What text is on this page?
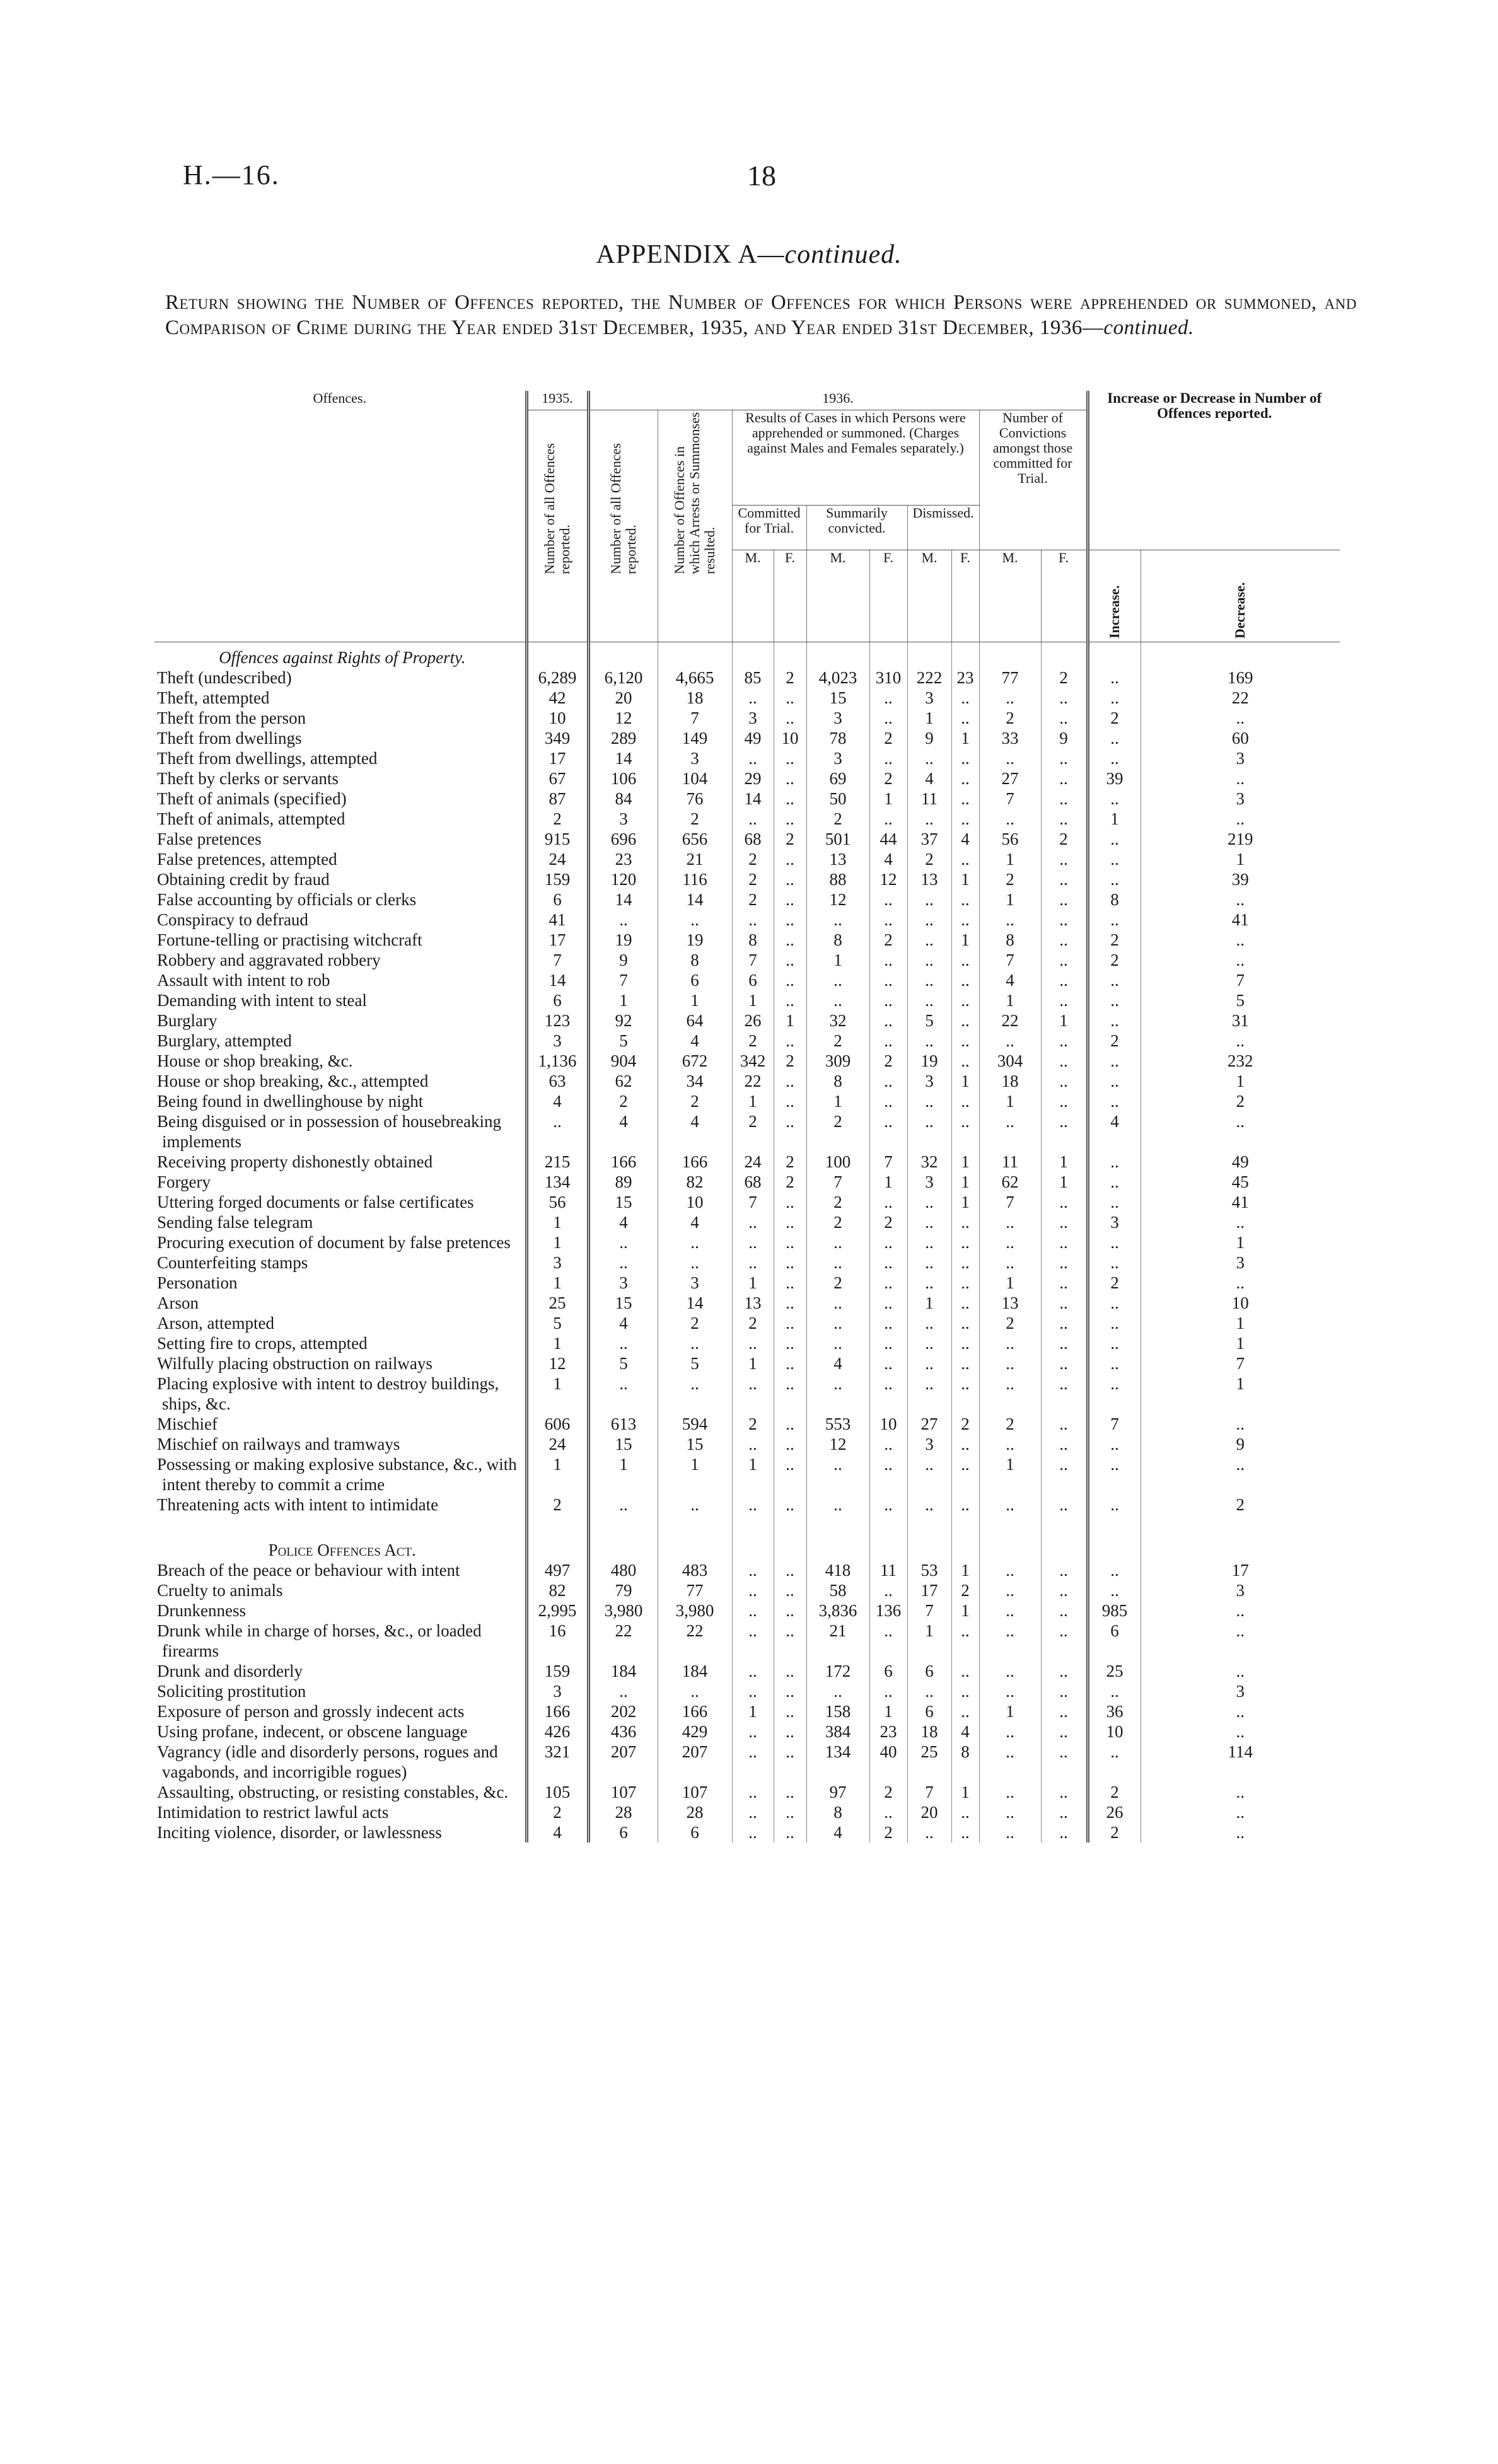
H.—16.	18
APPENDIX A—continued.
Return showing the Number of Offences reported, the Number of Offences for which Persons were apprehended or summoned, and Comparison of Crime during the Year ended 31st December, 1935, and Year ended 31st December, 1936—continued.
Offences.	1935.	1936.										Increase or Decrease in Number of Offences reported.		
	Number of all Offences reported.	Number of all Offences reported.	Number of Offences in which Arrests or Summonses resulted.	Results of Cases in which Persons were apprehended or summoned. (Charges against Males and Females separately.)						Number of Convictions amongst those committed for Trial.				
				Committed for Trial.		Summarily convicted.		Dismissed.						
				M.	F.	M.	F.	M.	F.	M.	F.	Increase.	Decrease.	
Offences against Rights of Property.														
Theft (undescribed)	6,289	6,120	4,665	85	2	4,023	310	222	23	77	2	..	169	
Theft, attempted	42	20	18	..	..	15	..	3	..	..	..	..	22	
Theft from the person	10	12	7	3	..	3	..	1	..	2	..	2	..	
Theft from dwellings	349	289	149	49	10	78	2	9	1	33	9	..	60	
Theft from dwellings, attempted	17	14	3	..	..	3	..	..	..	..	..	..	3	
Theft by clerks or servants	67	106	104	29	..	69	2	4	..	27	..	39	..	
Theft of animals (specified)	87	84	76	14	..	50	1	11	..	7	..	..	3	
Theft of animals, attempted	2	3	2	..	..	2	..	..	..	..	..	1	..	
False pretences	915	696	656	68	2	501	44	37	4	56	2	..	219	
False pretences, attempted	24	23	21	2	..	13	4	2	..	1	..	..	1	
Obtaining credit by fraud	159	120	116	2	..	88	12	13	1	2	..	..	39	
False accounting by officials or clerks	6	14	14	2	..	12	..	..	..	1	..	8	..	
Conspiracy to defraud	41	..	..	..	..	..	..	..	..	..	..	..	41	
Fortune-telling or practising witchcraft	17	19	19	8	..	8	2	..	1	8	..	2	..	
Robbery and aggravated robbery	7	9	8	7	..	1	..	..	..	7	..	2	..	
Assault with intent to rob	14	7	6	6	..	..	..	..	..	4	..	..	7	
Demanding with intent to steal	6	1	1	1	..	..	..	..	..	1	..	..	5	
Burglary	123	92	64	26	1	32	..	5	..	22	1	..	31	
Burglary, attempted	3	5	4	2	..	2	..	..	..	..	..	2	..	
House or shop breaking, &c.	1,136	904	672	342	2	309	2	19	..	304	..	..	232	
House or shop breaking, &c., attempted	63	62	34	22	..	8	..	3	1	18	..	..	1	
Being found in dwellinghouse by night	4	2	2	1	..	1	..	..	..	1	..	..	2	
Being disguised or in possession of housebreaking implements	..	4	4	2	..	2	..	..	..	..	..	4	..	
Receiving property dishonestly obtained	215	166	166	24	2	100	7	32	1	11	1	..	49	
Forgery	134	89	82	68	2	7	1	3	1	62	1	..	45	
Uttering forged documents or false certificates	56	15	10	7	..	2	..	..	1	7	..	..	41	
Sending false telegram	1	4	4	..	..	2	2	..	..	..	..	3	..	
Procuring execution of document by false pretences	1	..	..	..	..	..	..	..	..	..	..	..	1	
Counterfeiting stamps	3	..	..	..	..	..	..	..	..	..	..	..	3	
Personation	1	3	3	1	..	2	..	..	..	1	..	2	..	
Arson	25	15	14	13	..	..	..	1	..	13	..	..	10	
Arson, attempted	5	4	2	2	..	..	..	..	..	2	..	..	1	
Setting fire to crops, attempted	1	..	..	..	..	..	..	..	..	..	..	..	1	
Wilfully placing obstruction on railways	12	5	5	1	..	4	..	..	..	..	..	..	7	
Placing explosive with intent to destroy buildings, ships, &c.	1	..	..	..	..	..	..	..	..	..	..	..	1	
Mischief	606	613	594	2	..	553	10	27	2	2	..	7	..	
Mischief on railways and tramways	24	15	15	..	..	12	..	3	..	..	..	..	9	
Possessing or making explosive substance, &c., with intent thereby to commit a crime	1	1	1	1	..	..	..	..	..	1	..	..	..	
Threatening acts with intent to intimidate	2	..	..	..	..	..	..	..	..	..	..	..	2	
Police Offences Act.														
Breach of the peace or behaviour with intent	497	480	483	..	..	418	11	53	1	..	..	..	17	
Cruelty to animals	82	79	77	..	..	58	..	17	2	..	..	..	3	
Drunkenness	2,995	3,980	3,980	..	..	3,836	136	7	1	..	..	985	..	
Drunk while in charge of horses, &c., or loaded firearms	16	22	22	..	..	21	..	1	..	..	..	6	..	
Drunk and disorderly	159	184	184	..	..	172	6	6	..	..	..	25	..	
Soliciting prostitution	3	..	..	..	..	..	..	..	..	..	..	..	3	
Exposure of person and grossly indecent acts	166	202	166	1	..	158	1	6	..	1	..	36	..	
Using profane, indecent, or obscene language	426	436	429	..	..	384	23	18	4	..	..	10	..	
Vagrancy (idle and disorderly persons, rogues and vagabonds, and incorrigible rogues)	321	207	207	..	..	134	40	25	8	..	..	..	114	
Assaulting, obstructing, or resisting constables, &c.	105	107	107	..	..	97	2	7	1	..	..	2	..	
Intimidation to restrict lawful acts	2	28	28	..	..	8	..	20	..	..	..	26	..	
Inciting violence, disorder, or lawlessness	4	6	6	..	..	4	2	..	..	..	..	2	..	
